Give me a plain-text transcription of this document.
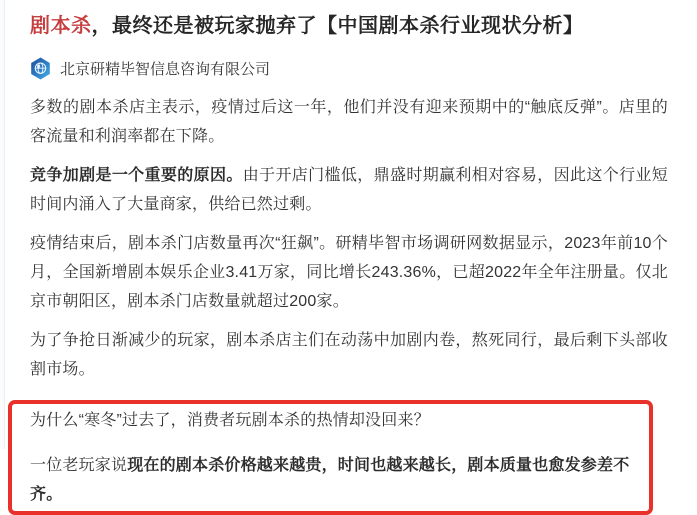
剧本杀，最终还是被玩家抛弃了【中国剧本杀行业现状分析】
北京研精毕智信息咨询有限公司

多数的剧本杀店主表示，疫情过后这一年，他们并没有迎来预期中的“触底反弹”。店里的客流量和利润率都在下降。

竞争加剧是一个重要的原因。由于开店门槛低，鼎盛时期赢利相对容易，因此这个行业短时间内涌入了大量商家，供给已然过剩。

疫情结束后，剧本杀门店数量再次“狂飙”。研精毕智市场调研网数据显示，2023年前10个月，全国新增剧本娱乐企业3.41万家，同比增长243.36%，已超2022年全年注册量。仅北京市朝阳区，剧本杀门店数量就超过200家。

为了争抢日渐减少的玩家，剧本杀店主们在动荡中加剧内卷，熬死同行，最后剩下头部收割市场。

为什么“寒冬”过去了，消费者玩剧本杀的热情却没回来？

一位老玩家说现在的剧本杀价格越来越贵，时间也越来越长，剧本质量也愈发参差不齐。
